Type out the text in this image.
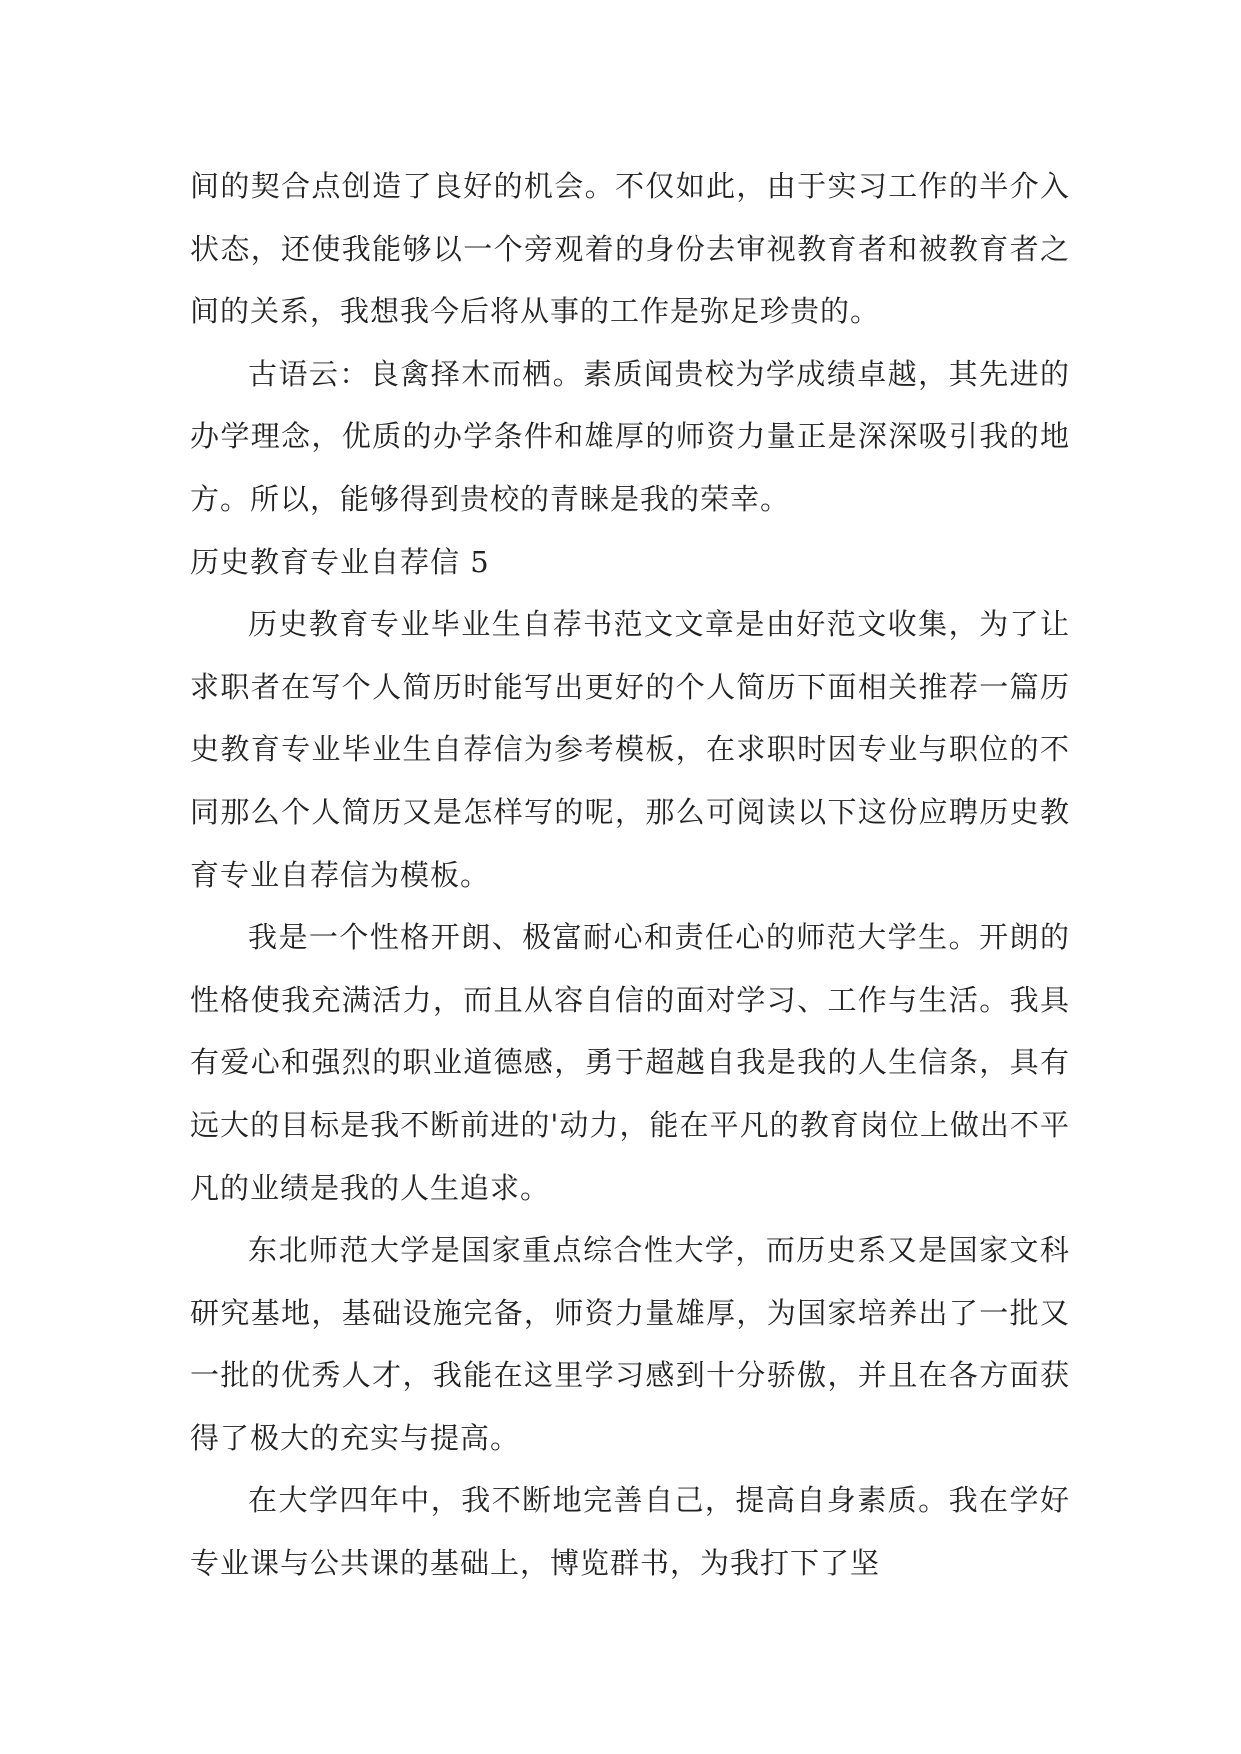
间的契合点创造了良好的机会。不仅如此，由于实习工作的半介入状态，还使我能够以一个旁观着的身份去审视教育者和被教育者之间的关系，我想我今后将从事的工作是弥足珍贵的。

古语云：良禽择木而栖。素质闻贵校为学成绩卓越，其先进的办学理念，优质的办学条件和雄厚的师资力量正是深深吸引我的地方。所以，能够得到贵校的青睐是我的荣幸。

历史教育专业自荐信 5

历史教育专业毕业生自荐书范文文章是由好范文收集，为了让求职者在写个人简历时能写出更好的个人简历下面相关推荐一篇历史教育专业毕业生自荐信为参考模板，在求职时因专业与职位的不同那么个人简历又是怎样写的呢，那么可阅读以下这份应聘历史教育专业自荐信为模板。

我是一个性格开朗、极富耐心和责任心的师范大学生。开朗的性格使我充满活力，而且从容自信的面对学习、工作与生活。我具有爱心和强烈的职业道德感，勇于超越自我是我的人生信条，具有远大的目标是我不断前进的'动力，能在平凡的教育岗位上做出不平凡的业绩是我的人生追求。

东北师范大学是国家重点综合性大学，而历史系又是国家文科研究基地，基础设施完备，师资力量雄厚，为国家培养出了一批又一批的优秀人才，我能在这里学习感到十分骄傲，并且在各方面获得了极大的充实与提高。

在大学四年中，我不断地完善自己，提高自身素质。我在学好专业课与公共课的基础上，博览群书，为我打下了坚
